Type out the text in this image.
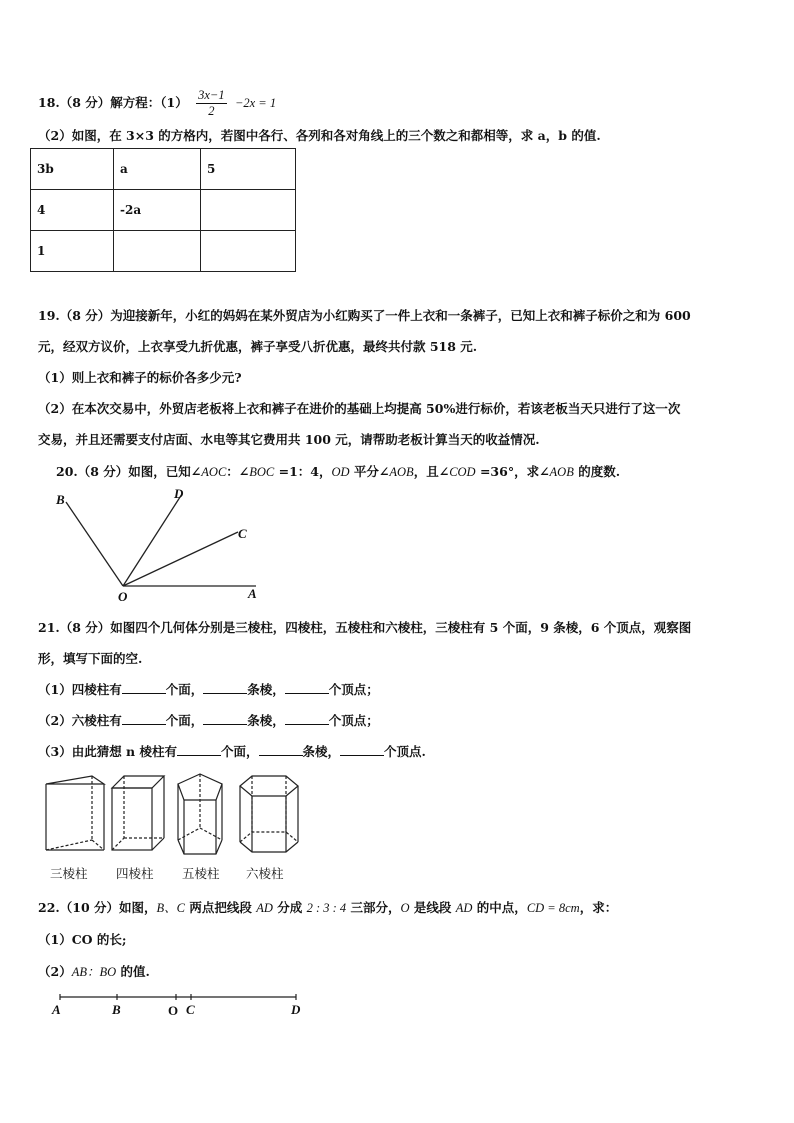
18.（8 分）解方程：$(1) \frac{3x-1}{2} -2x = 1$
（2）如图，在 3×3 的方格内，若图中各行、各列和各对角线上的三个数之和都相等，求 a，b 的值.
3b	a	5
4	-2a	
1		
19.（8 分）为迎接新年，小红的妈妈在某外贸店为小红购买了一件上衣和一条裤子，已知上衣和裤子标价之和为 600
元，经双方议价，上衣享受九折优惠，裤子享受八折优惠，最终共付款 518 元.
（1）则上衣和裤子的标价各多少元?
（2）在本次交易中，外贸店老板将上衣和裤子在进价的基础上均提高 50%进行标价，若该老板当天只进行了这一次
交易，并且还需要支付店面、水电等其它费用共 100 元，请帮助老板计算当天的收益情况.
20.（8 分）如图，已知∠AOC：∠BOC =1：4，OD 平分∠AOB，且∠COD =36°，求∠AOB 的度数.
B	D
C
O	A
21.（8 分）如图四个几何体分别是三棱柱，四棱柱，五棱柱和六棱柱，三棱柱有 5 个面，9 条棱，6 个顶点，观察图
形，填写下面的空.
（1）四棱柱有	个面，	条棱，	个顶点；
（2）六棱柱有	个面，	条棱，	个顶点；
（3）由此猜想 n 棱柱有	个面，	条棱，	个顶点.
三棱柱 四棱柱 五棱柱 六棱柱
22.（10 分）如图，B、C 两点把线段 AD 分成 2 : 3 : 4 三部分，O 是线段 AD 的中点，CD = 8cm，求：
（1）CO 的长;
（2）AB：BO 的值.
A	B	O C	D
